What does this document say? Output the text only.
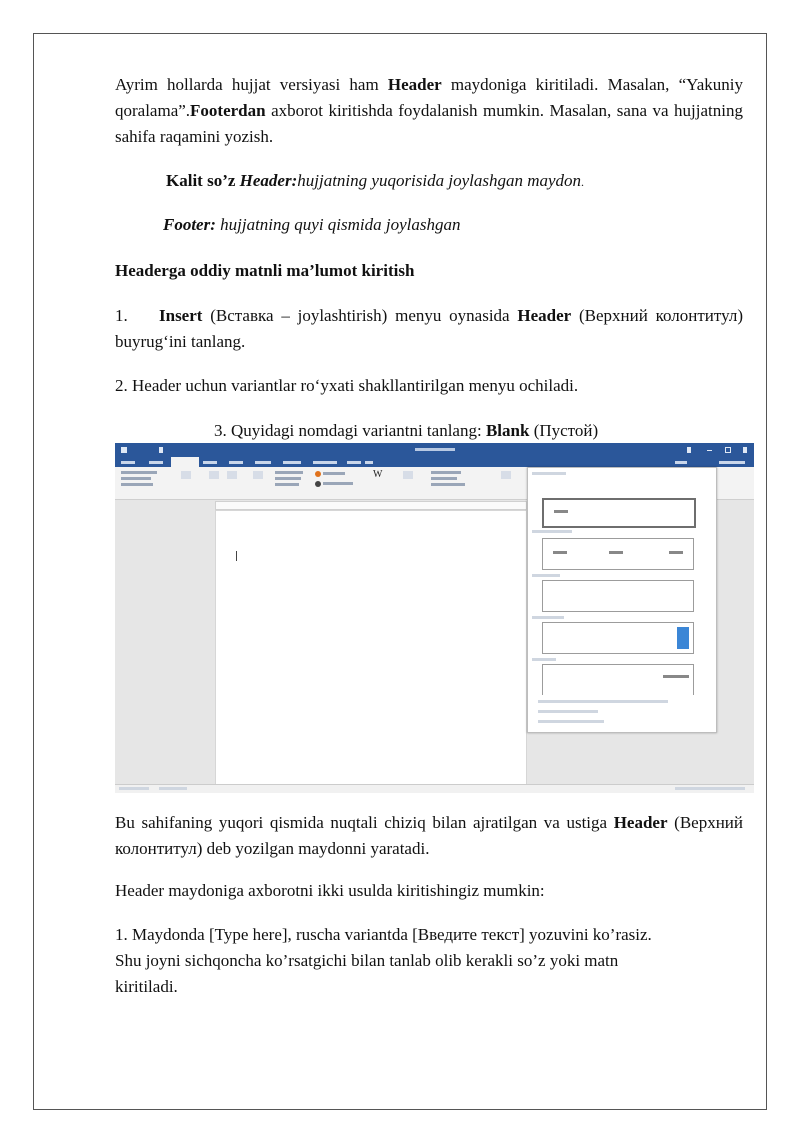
Ayrim hollarda hujjat versiyasi ham Header maydoniga kiritiladi. Masalan, “Yakuniy qoralama”.Footerdan axborot kiritishda foydalanish mumkin. Masalan, sana va hujjatning sahifa raqamini yozish.
Kalit so’z Header:hujjatning yuqorisida joylashgan maydon.
Footer: hujjatning quyi qismida joylashgan
Headerga oddiy matnli ma’lumot kiritish
1. Insert (Вставка – joylashtirish) menyu oynasida Header (Верхний колонтитул) buyrug‘ini tanlang.
2. Header uchun variantlar ro‘yxati shakllantirilgan menyu ochiladi.
3. Quyidagi nomdagi variantni tanlang: Blank (Пустой)
W
Bu sahifaning yuqori qismida nuqtali chiziq bilan ajratilgan va ustiga Header (Верхний колонтитул) deb yozilgan maydonni yaratadi.
Header maydoniga axborotni ikki usulda kiritishingiz mumkin:
1. Maydonda [Type here], ruscha variantda [Введите текст] yozuvini ko’rasiz.
Shu joyni sichqoncha ko’rsatgichi bilan tanlab olib kerakli so’z yoki matn
kiritiladi.
